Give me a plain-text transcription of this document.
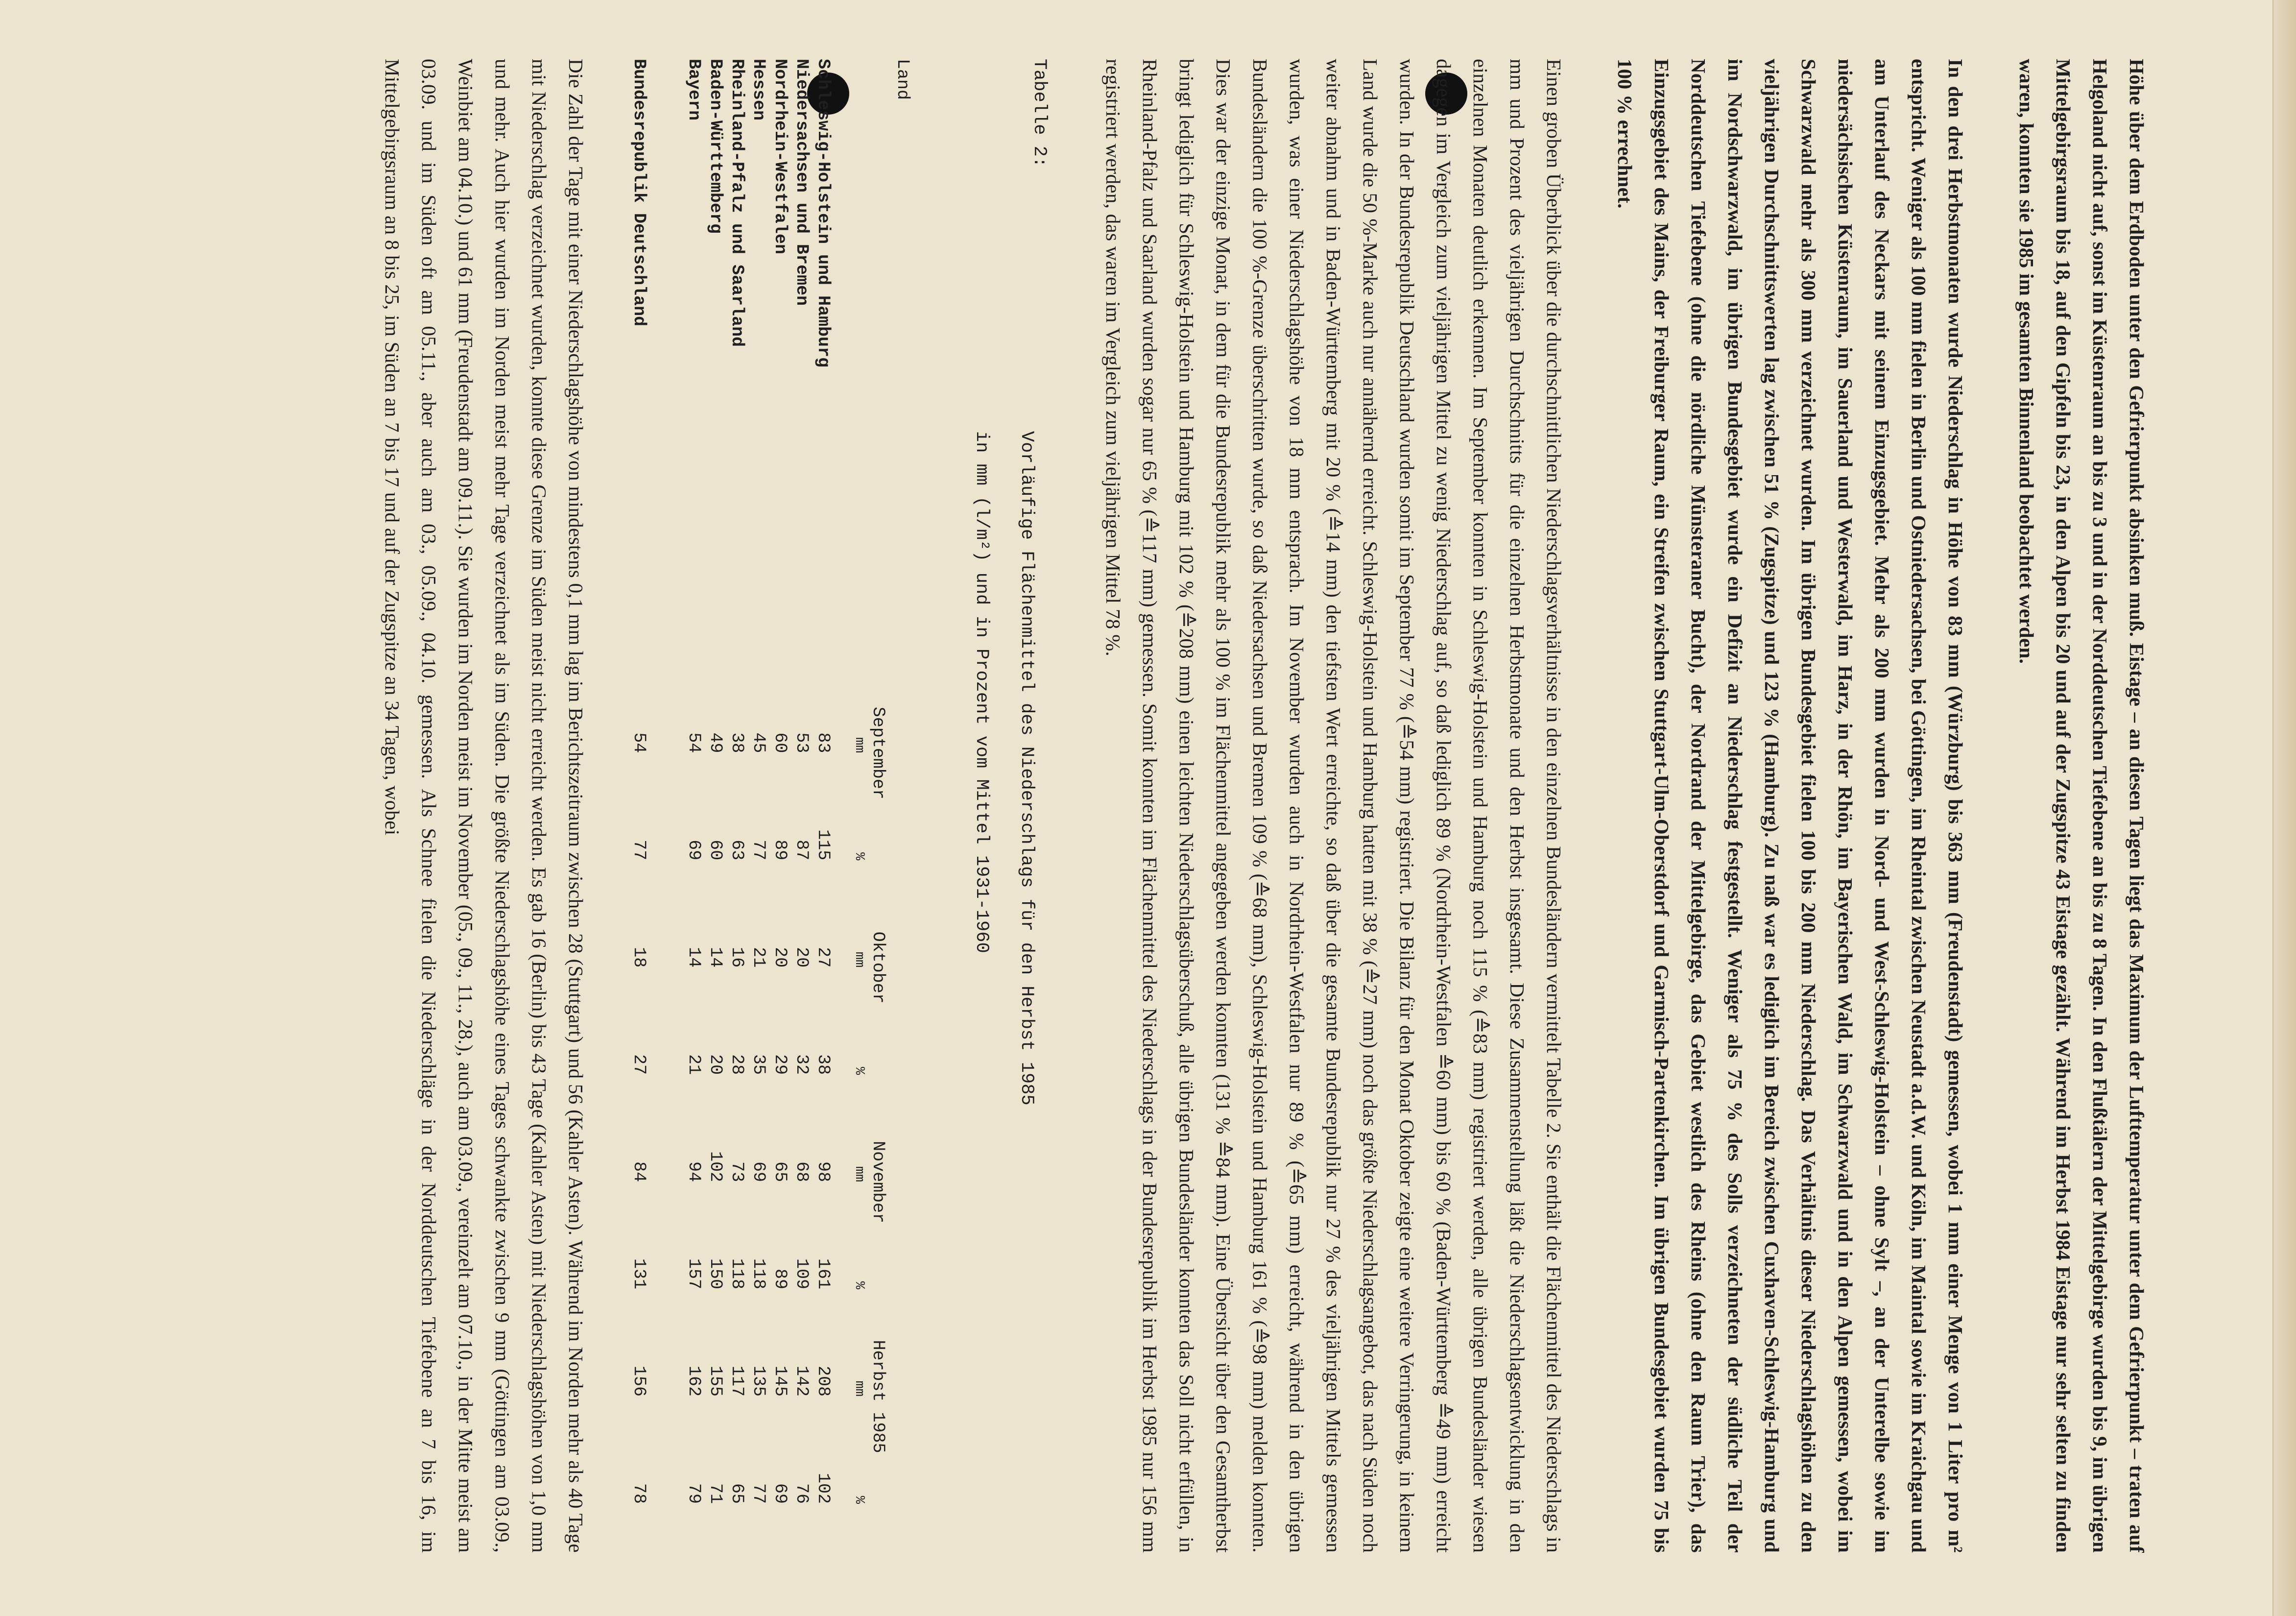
Höhe über dem Erdboden unter den Gefrierpunkt absinken muß. Eistage – an diesen Tagen liegt das Maximum der Lufttemperatur unter dem Gefrierpunkt – traten auf Helgoland nicht auf, sonst im Küstenraum an bis zu 3 und in der Norddeutschen Tiefebene an bis zu 8 Tagen. In den Flußtälern der Mittelgebirge wurden bis 9, im übrigen Mittelgebirgsraum bis 18, auf den Gipfeln bis 23, in den Alpen bis 20 und auf der Zugspitze 43 Eistage gezählt. Während im Herbst 1984 Eistage nur sehr selten zu finden waren, konnten sie 1985 im gesamten Binnenland beobachtet werden.

In den drei Herbstmonaten wurde Niederschlag in Höhe von 83 mm (Würzburg) bis 363 mm (Freudenstadt) gemessen, wobei 1 mm einer Menge von 1 Liter pro m² entspricht. Weniger als 100 mm fielen in Berlin und Ostniedersachsen, bei Göttingen, im Rheintal zwischen Neustadt a.d.W. und Köln, im Maintal sowie im Kraichgau und am Unterlauf des Neckars mit seinem Einzugsgebiet. Mehr als 200 mm wurden in Nord- und West-Schleswig-Holstein – ohne Sylt –, an der Unterelbe sowie im niedersächsischen Küstenraum, im Sauerland und Westerwald, im Harz, in der Rhön, im Bayerischen Wald, im Schwarzwald und in den Alpen gemessen, wobei im Schwarzwald mehr als 300 mm verzeichnet wurden. Im übrigen Bundesgebiet fielen 100 bis 200 mm Niederschlag. Das Verhältnis dieser Niederschlagshöhen zu den vieljährigen Durchschnittswerten lag zwischen 51 % (Zugspitze) und 123 % (Hamburg). Zu naß war es lediglich im Bereich zwischen Cuxhaven-Schleswig-Hamburg und im Nordschwarzwald, im übrigen Bundesgebiet wurde ein Defizit an Niederschlag festgestellt. Weniger als 75 % des Solls verzeichneten der südliche Teil der Norddeutschen Tiefebene (ohne die nördliche Münsteraner Bucht), der Nordrand der Mittelgebirge, das Gebiet westlich des Rheins (ohne den Raum Trier), das Einzugsgebiet des Mains, der Freiburger Raum, ein Streifen zwischen Stuttgart-Ulm-Oberstdorf und Garmisch-Partenkirchen. Im übrigen Bundesgebiet wurden 75 bis 100 % errechnet.

Einen groben Überblick über die durchschnittlichen Niederschlagsverhältnisse in den einzelnen Bundesländern vermittelt Tabelle 2. Sie enthält die Flächenmittel des Niederschlags in mm und Prozent des vieljährigen Durchschnitts für die einzelnen Herbstmonate und den Herbst insgesamt. Diese Zusammenstellung läßt die Niederschlagsentwicklung in den einzelnen Monaten deutlich erkennen. Im September konnten in Schleswig-Holstein und Hamburg noch 115 % (≙83 mm) registriert werden, alle übrigen Bundesländer wiesen dagegen im Vergleich zum vieljährigen Mittel zu wenig Niederschlag auf, so daß lediglich 89 % (Nordrhein-Westfalen ≙60 mm) bis 60 % (Baden-Württemberg ≙49 mm) erreicht wurden. In der Bundesrepublik Deutschland wurden somit im September 77 % (≙54 mm) registriert. Die Bilanz für den Monat Oktober zeigte eine weitere Verringerung, in keinem Land wurde die 50 %-Marke auch nur annähernd erreicht. Schleswig-Holstein und Hamburg hatten mit 38 % (≙27 mm) noch das größte Niederschlagsangebot, das nach Süden noch weiter abnahm und in Baden-Württemberg mit 20 % (≙14 mm) den tiefsten Wert erreichte, so daß über die gesamte Bundesrepublik nur 27 % des vieljährigen Mittels gemessen wurden, was einer Niederschlagshöhe von 18 mm entsprach. Im November wurden auch in Nordrhein-Westfalen nur 89 % (≙65 mm) erreicht, während in den übrigen Bundesländern die 100 %-Grenze überschritten wurde, so daß Niedersachsen und Bremen 109 % (≙68 mm), Schleswig-Holstein und Hamburg 161 % (≙98 mm) melden konnten. Dies war der einzige Monat, in dem für die Bundesrepublik mehr als 100 % im Flächenmittel angegeben werden konnten (131 % ≙84 mm). Eine Übersicht über den Gesamtherbst bringt lediglich für Schleswig-Holstein und Hamburg mit 102 % (≙208 mm) einen leichten Niederschlagsüberschuß, alle übrigen Bundesländer konnten das Soll nicht erfüllen, in Rheinland-Pfalz und Saarland wurden sogar nur 65 % (≙117 mm) gemessen. Somit konnten im Flächenmittel des Niederschlags in der Bundesrepublik im Herbst 1985 nur 156 mm registriert werden, das waren im Vergleich zum vieljährigen Mittel 78 %.

Tabelle 2:

Vorläufige Flächenmittel des Niederschlags für den Herbst 1985

in mm (l/m²) und in Prozent vom Mittel 1931-1960

Land	September		Oktober		November		Herbst 1985	
	mm	%	mm	%	mm	%	mm	%
Schleswig-Holstein und Hamburg	83	115	27	38	98	161	208	102
Niedersachsen und Bremen	53	87	20	32	68	109	142	76
Nordrhein-Westfalen	60	89	20	29	65	89	145	69
Hessen	45	77	21	35	69	118	135	77
Rheinland-Pfalz und Saarland	38	63	16	28	73	118	117	65
Baden-Württemberg	49	60	14	20	102	150	155	71
Bayern	54	69	14	21	94	157	162	79
Bundesrepublik Deutschland	54	77	18	27	84	131	156	78

Die Zahl der Tage mit einer Niederschlagshöhe von mindestens 0,1 mm lag im Berichtszeitraum zwischen 28 (Stuttgart) und 56 (Kahler Asten). Während im Norden mehr als 40 Tage mit Niederschlag verzeichnet wurden, konnte diese Grenze im Süden meist nicht erreicht werden. Es gab 16 (Berlin) bis 43 Tage (Kahler Asten) mit Niederschlagshöhen von 1,0 mm und mehr. Auch hier wurden im Norden meist mehr Tage verzeichnet als im Süden. Die größte Niederschlagshöhe eines Tages schwankte zwischen 9 mm (Göttingen am 03.09., Weinbiet am 04.10.) und 61 mm (Freudenstadt am 09.11.). Sie wurden im Norden meist im November (05., 09., 11., 28.), auch am 03.09., vereinzelt am 07.10., in der Mitte meist am 03.09. und im Süden oft am 05.11., aber auch am 03., 05.09., 04.10. gemessen. Als Schnee fielen die Niederschläge in der Norddeutschen Tiefebene an 7 bis 16, im Mittelgebirgsraum an 8 bis 25, im Süden an 7 bis 17 und auf der Zugspitze an 34 Tagen, wobei
